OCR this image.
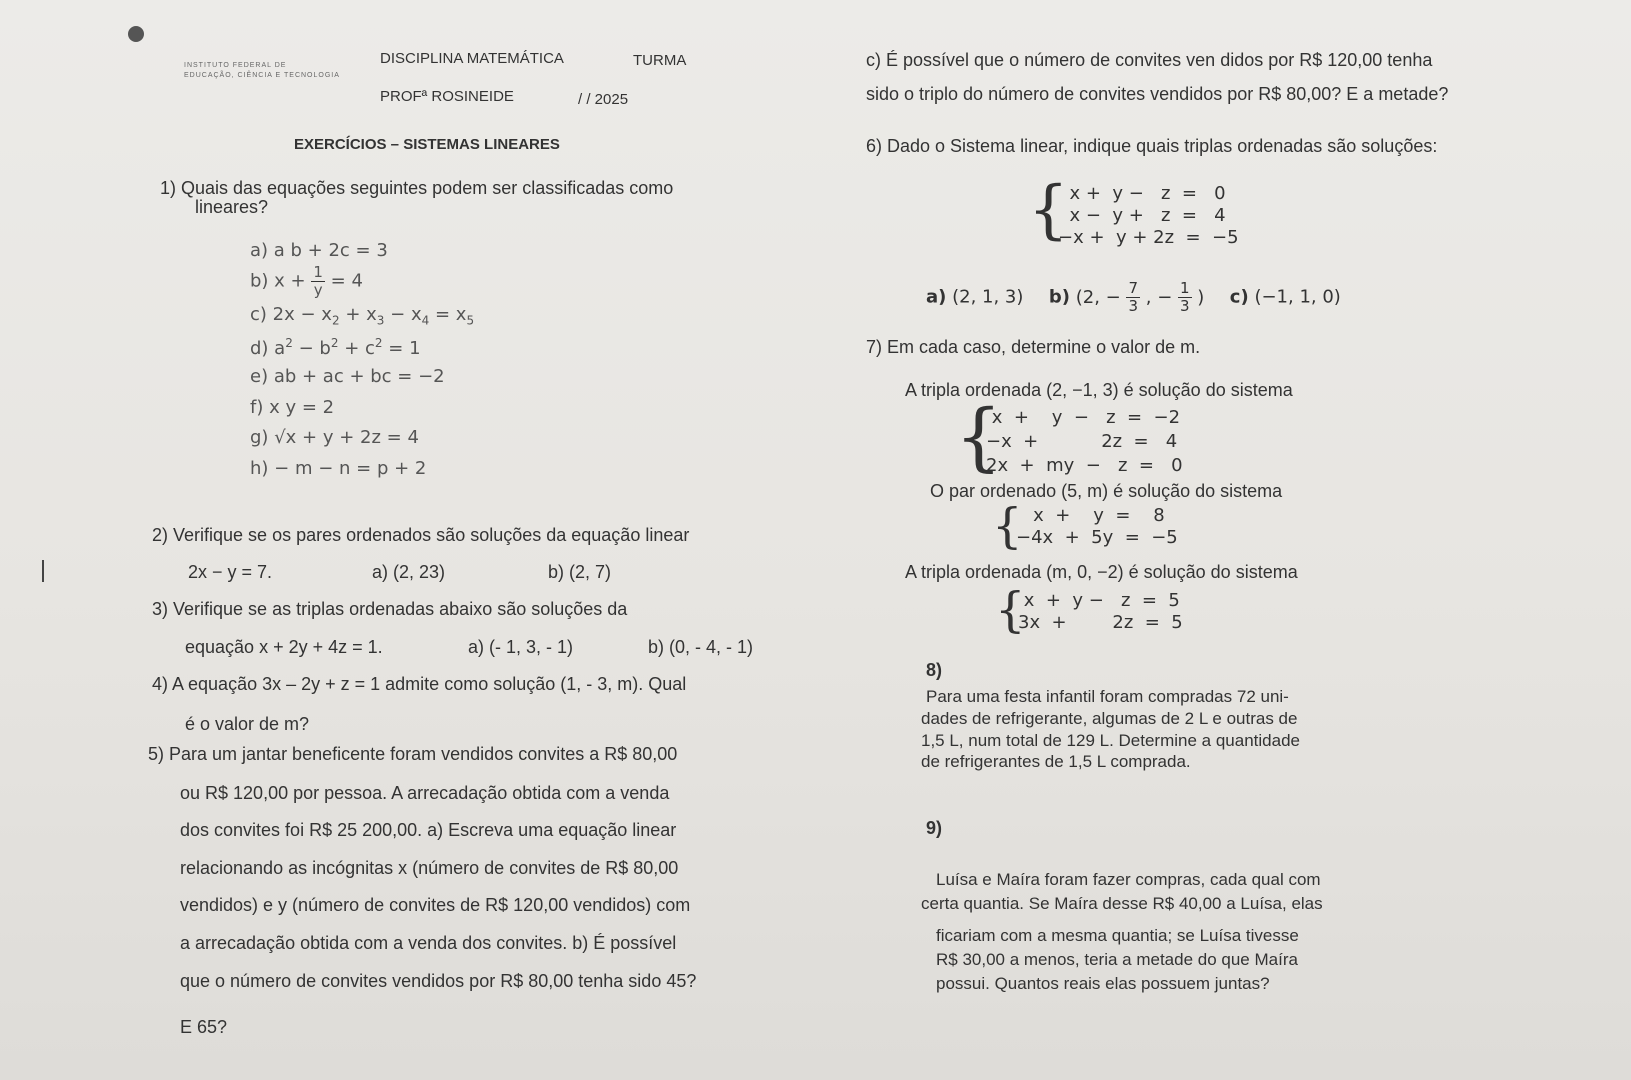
INSTITUTO FEDERAL DE
EDUCAÇÃO, CIÊNCIA E TECNOLOGIA
DISCIPLINA MATEMÁTICA	TURMA
PROFª ROSINEIDE	/ / 2025
EXERCÍCIOS – SISTEMAS LINEARES
1) Quais das equações seguintes podem ser classificadas como
lineares?
a) a b + 2c = 3
b) $x + \frac{1}{y} = 4$
c) $2x - x_2 + x_3 - x_4 = x_5$
d) $a^2 - b^2 + c^2 = 1$
e) ab + ac + bc = −2
f) x y = 2
g) √x + y + 2z = 4
h) − m − n = p + 2
2) Verifique se os pares ordenados são soluções da equação linear
2x − y = 7.	a) (2, 23)	b) (2, 7)
3) Verifique se as triplas ordenadas abaixo são soluções da
equação x + 2y + 4z = 1.	a) (- 1, 3, - 1)	b) (0, - 4, - 1)
4) A equação 3x – 2y + z = 1 admite como solução (1, - 3, m). Qual
é o valor de m?
5) Para um jantar beneficente foram vendidos convites a R$ 80,00
ou R$ 120,00 por pessoa. A arrecadação obtida com a venda
dos convites foi R$ 25 200,00. a) Escreva uma equação linear
relacionando as incógnitas x (número de convites de R$ 80,00
vendidos) e y (número de convites de R$ 120,00 vendidos) com
a arrecadação obtida com a venda dos convites. b) É possível
que o número de convites vendidos por R$ 80,00 tenha sido 45?
E 65?
c) É possível que o número de convites ven didos por R$ 120,00 tenha
sido o triplo do número de convites vendidos por R$ 80,00? E a metade?
6) Dado o Sistema linear, indique quais triplas ordenadas são soluções:
{
x +  y −   z  =   0
x −  y +   z  =   4
−x +  y + 2z  =  −5
a) (2, 1, 3) b) (2, − $\frac{7}{3}$ , − $\frac{1}{3}$ ) c) (−1, 1, 0)
7) Em cada caso, determine o valor de m.
A tripla ordenada (2, −1, 3) é solução do sistema
{
x  +    y  −   z  =  −2
−x  +           2z  =   4
2x  +  my  −   z  =   0
O par ordenado (5, m) é solução do sistema
{
x  +    y  =    8
−4x  +  5y  =  −5
A tripla ordenada (m, 0, −2) é solução do sistema
{
x  +  y −   z  =  5
3x  +        2z  =  5
8)
Para uma festa infantil foram compradas 72 uni-
dades de refrigerante, algumas de 2 L e outras de
1,5 L, num total de 129 L. Determine a quantidade
de refrigerantes de 1,5 L comprada.
9)
Luísa e Maíra foram fazer compras, cada qual com
certa quantia. Se Maíra desse R$ 40,00 a Luísa, elas
ficariam com a mesma quantia; se Luísa tivesse
R$ 30,00 a menos, teria a metade do que Maíra
possui. Quantos reais elas possuem juntas?
